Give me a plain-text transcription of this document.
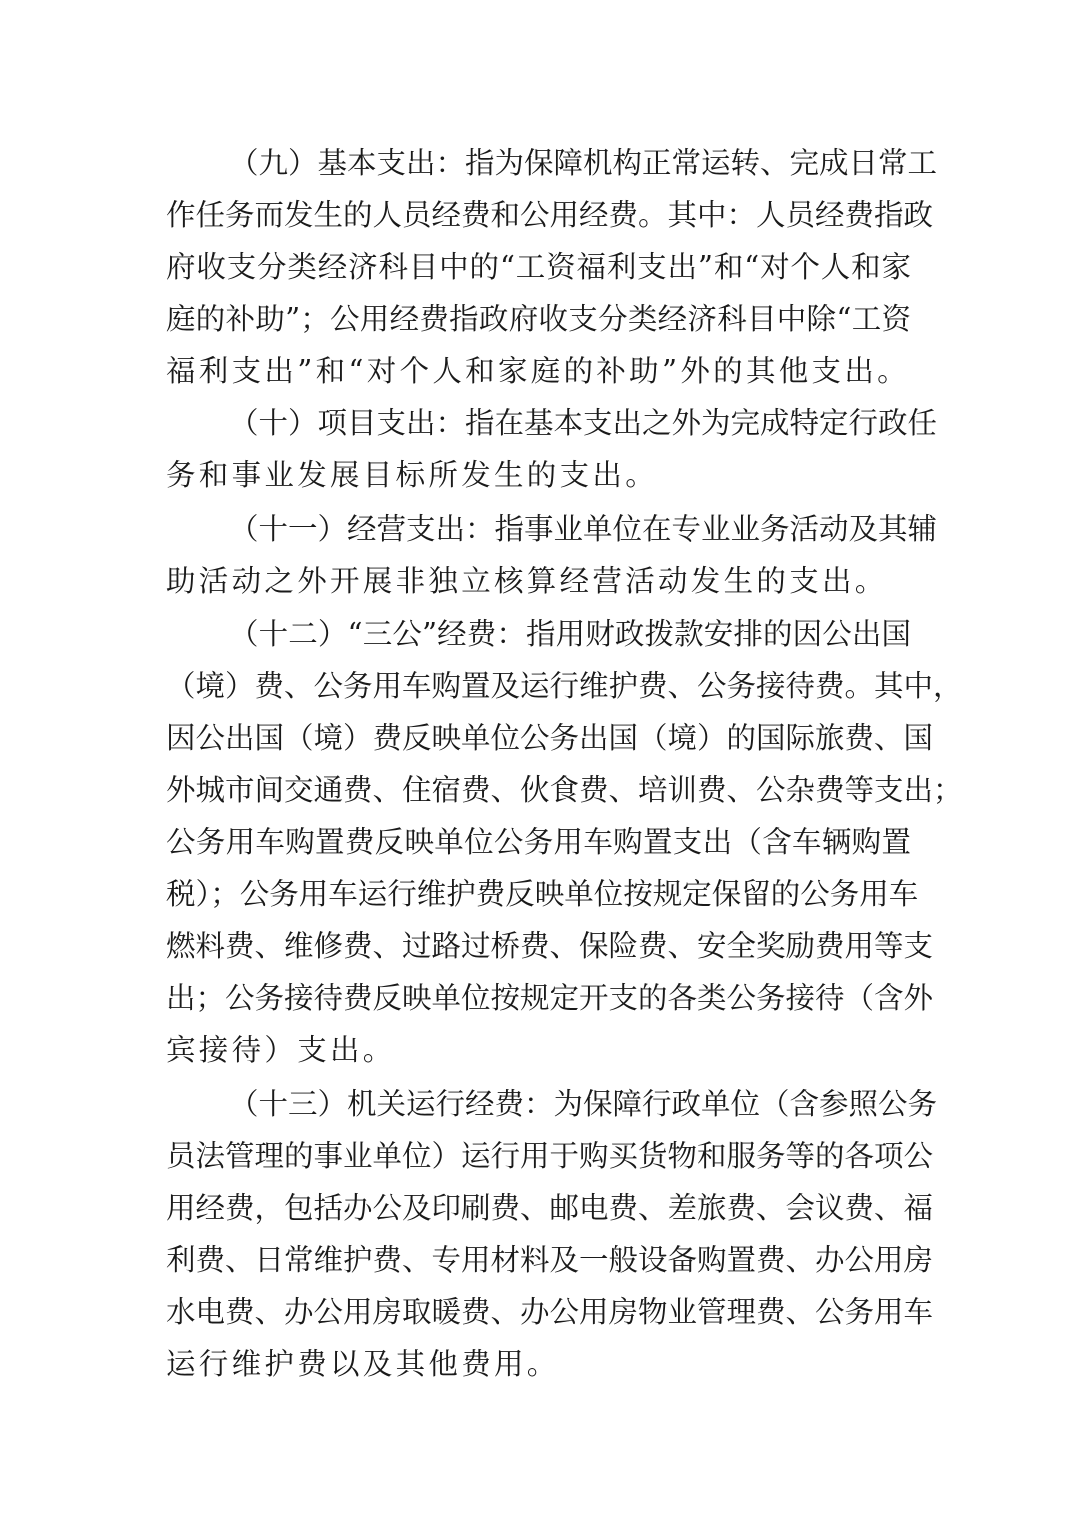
（九）基本支出：指为保障机构正常运转、完成日常工
作任务而发生的人员经费和公用经费。其中：人员经费指政
府收支分类经济科目中的“工资福利支出”和“对个人和家
庭的补助”；公用经费指政府收支分类经济科目中除“工资
福利支出”和“对个人和家庭的补助”外的其他支出。
（十）项目支出：指在基本支出之外为完成特定行政任
务和事业发展目标所发生的支出。
（十一）经营支出：指事业单位在专业业务活动及其辅
助活动之外开展非独立核算经营活动发生的支出。
（十二）“三公”经费：指用财政拨款安排的因公出国
（境）费、公务用车购置及运行维护费、公务接待费。其中，
因公出国（境）费反映单位公务出国（境）的国际旅费、国
外城市间交通费、住宿费、伙食费、培训费、公杂费等支出；
公务用车购置费反映单位公务用车购置支出（含车辆购置
税）；公务用车运行维护费反映单位按规定保留的公务用车
燃料费、维修费、过路过桥费、保险费、安全奖励费用等支
出；公务接待费反映单位按规定开支的各类公务接待（含外
宾接待）支出。
（十三）机关运行经费：为保障行政单位（含参照公务
员法管理的事业单位）运行用于购买货物和服务等的各项公
用经费，包括办公及印刷费、邮电费、差旅费、会议费、福
利费、日常维护费、专用材料及一般设备购置费、办公用房
水电费、办公用房取暖费、办公用房物业管理费、公务用车
运行维护费以及其他费用。
